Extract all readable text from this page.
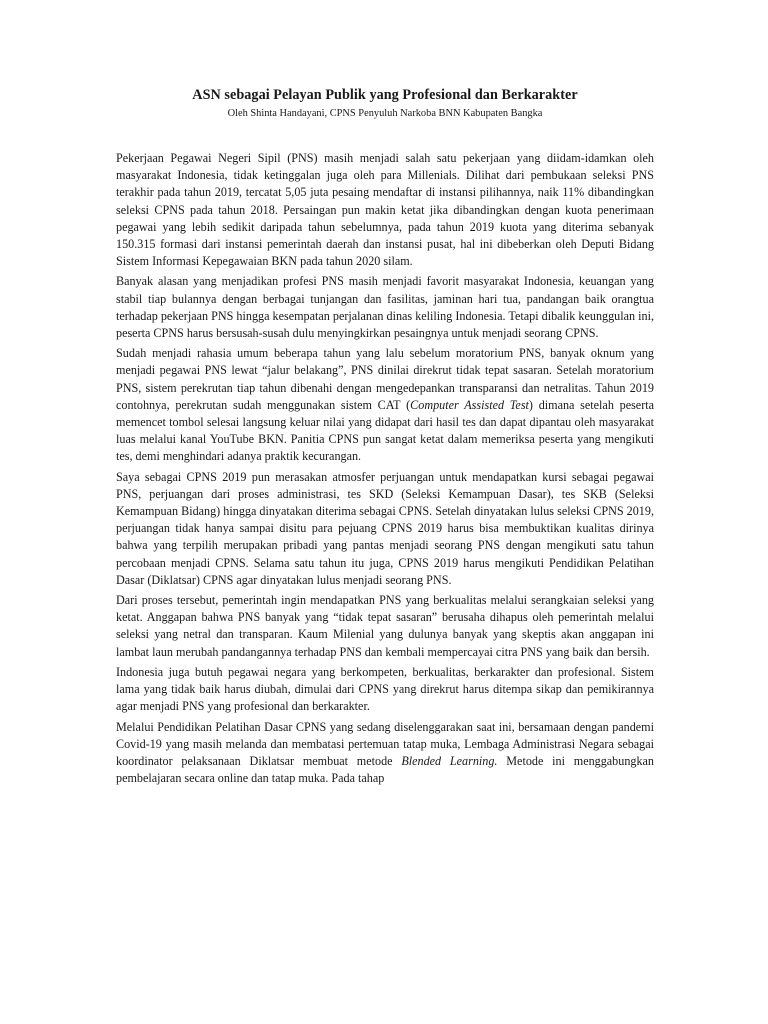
ASN sebagai Pelayan Publik yang Profesional dan Berkarakter

Oleh Shinta Handayani, CPNS Penyuluh Narkoba BNN Kabupaten Bangka

Pekerjaan Pegawai Negeri Sipil (PNS) masih menjadi salah satu pekerjaan yang diidam-idamkan oleh masyarakat Indonesia, tidak ketinggalan juga oleh para Millenials. Dilihat dari pembukaan seleksi PNS terakhir pada tahun 2019, tercatat 5,05 juta pesaing mendaftar di instansi pilihannya, naik 11% dibandingkan seleksi CPNS pada tahun 2018. Persaingan pun makin ketat jika dibandingkan dengan kuota penerimaan pegawai yang lebih sedikit daripada tahun sebelumnya, pada tahun 2019 kuota yang diterima sebanyak 150.315 formasi dari instansi pemerintah daerah dan instansi pusat, hal ini dibeberkan oleh Deputi Bidang Sistem Informasi Kepegawaian BKN pada tahun 2020 silam.

Banyak alasan yang menjadikan profesi PNS masih menjadi favorit masyarakat Indonesia, keuangan yang stabil tiap bulannya dengan berbagai tunjangan dan fasilitas, jaminan hari tua, pandangan baik orangtua terhadap pekerjaan PNS hingga kesempatan perjalanan dinas keliling Indonesia. Tetapi dibalik keunggulan ini, peserta CPNS harus bersusah-susah dulu menyingkirkan pesaingnya untuk menjadi seorang CPNS.

Sudah menjadi rahasia umum beberapa tahun yang lalu sebelum moratorium PNS, banyak oknum yang menjadi pegawai PNS lewat “jalur belakang”, PNS dinilai direkrut tidak tepat sasaran. Setelah moratorium PNS, sistem perekrutan tiap tahun dibenahi dengan mengedepankan transparansi dan netralitas. Tahun 2019 contohnya, perekrutan sudah menggunakan sistem CAT (Computer Assisted Test) dimana setelah peserta memencet tombol selesai langsung keluar nilai yang didapat dari hasil tes dan dapat dipantau oleh masyarakat luas melalui kanal YouTube BKN. Panitia CPNS pun sangat ketat dalam memeriksa peserta yang mengikuti tes, demi menghindari adanya praktik kecurangan.

Saya sebagai CPNS 2019 pun merasakan atmosfer perjuangan untuk mendapatkan kursi sebagai pegawai PNS, perjuangan dari proses administrasi, tes SKD (Seleksi Kemampuan Dasar), tes SKB (Seleksi Kemampuan Bidang) hingga dinyatakan diterima sebagai CPNS. Setelah dinyatakan lulus seleksi CPNS 2019, perjuangan tidak hanya sampai disitu para pejuang CPNS 2019 harus bisa membuktikan kualitas dirinya bahwa yang terpilih merupakan pribadi yang pantas menjadi seorang PNS dengan mengikuti satu tahun percobaan menjadi CPNS. Selama satu tahun itu juga, CPNS 2019 harus mengikuti Pendidikan Pelatihan Dasar (Diklatsar) CPNS agar dinyatakan lulus menjadi seorang PNS.

Dari proses tersebut, pemerintah ingin mendapatkan PNS yang berkualitas melalui serangkaian seleksi yang ketat. Anggapan bahwa PNS banyak yang “tidak tepat sasaran” berusaha dihapus oleh pemerintah melalui seleksi yang netral dan transparan. Kaum Milenial yang dulunya banyak yang skeptis akan anggapan ini lambat laun merubah pandangannya terhadap PNS dan kembali mempercayai citra PNS yang baik dan bersih.

Indonesia juga butuh pegawai negara yang berkompeten, berkualitas, berkarakter dan profesional. Sistem lama yang tidak baik harus diubah, dimulai dari CPNS yang direkrut harus ditempa sikap dan pemikirannya agar menjadi PNS yang profesional dan berkarakter.

Melalui Pendidikan Pelatihan Dasar CPNS yang sedang diselenggarakan saat ini, bersamaan dengan pandemi Covid-19 yang masih melanda dan membatasi pertemuan tatap muka, Lembaga Administrasi Negara sebagai koordinator pelaksanaan Diklatsar membuat metode Blended Learning. Metode ini menggabungkan pembelajaran secara online dan tatap muka. Pada tahap
